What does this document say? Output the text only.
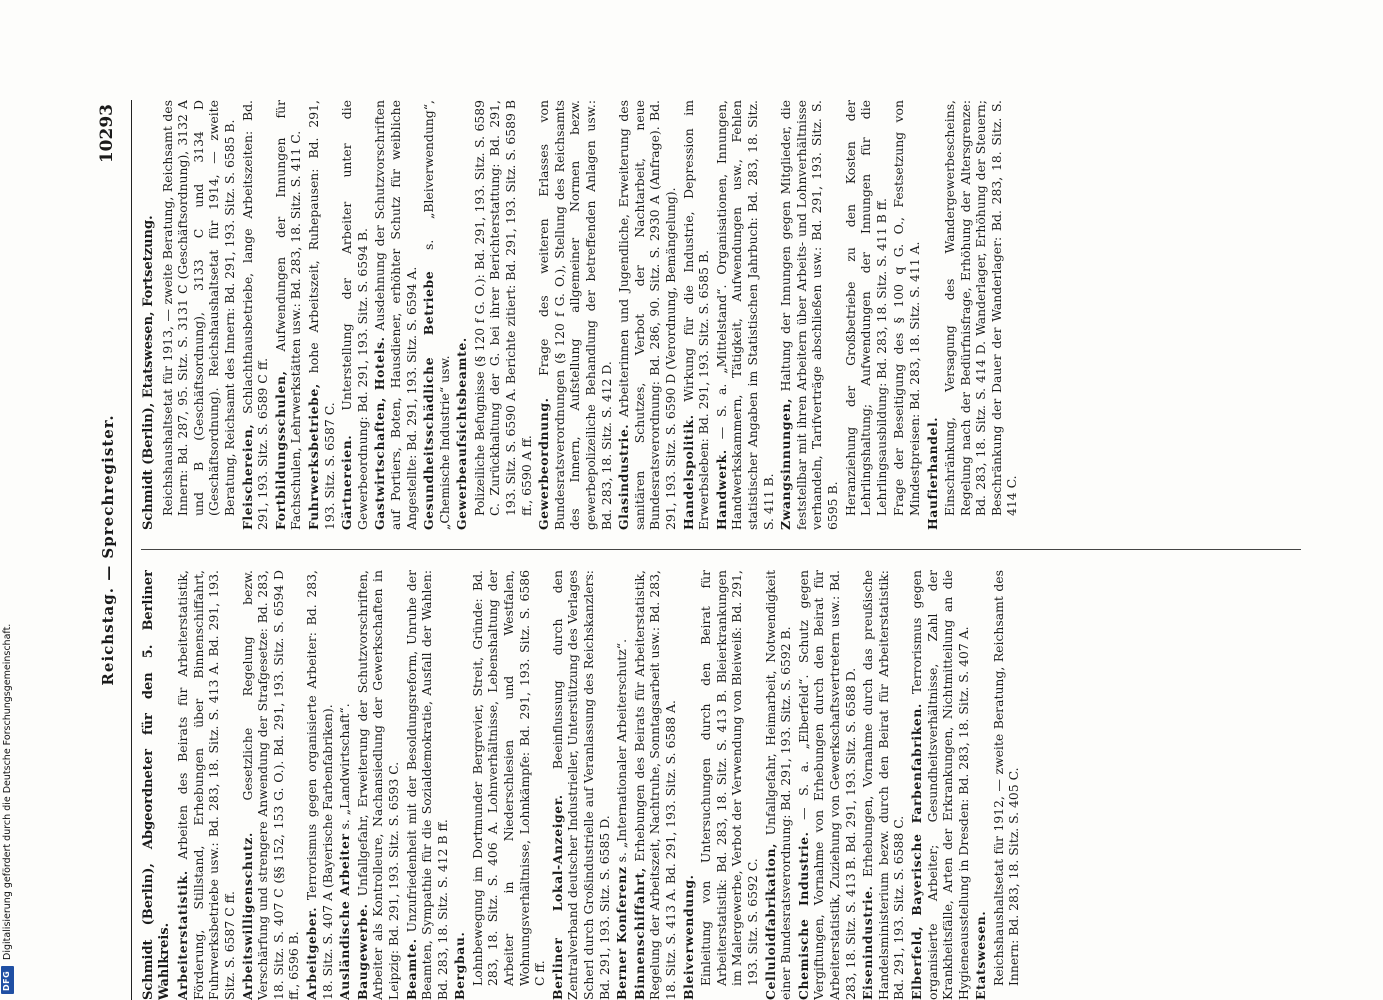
Reichstag. — Sprechregister.
10293
Schmidt (Berlin), Abgeordneter für den 5. Berliner Wahlkreis. Arbeiterstatistik. Arbeiten des Beirats für Arbeiterstatistik, Förderung, Stillstand, Erhebungen über Binnenschiffahrt, Fuhrwerksbetriebe usw.: Bd. 283, 18. Sitz. S. 413 A. Bd. 291, 193. Sitz. S. 6587 C ff. Arbeitswilligenschutz. Gesetzliche Regelung bezw. Verschärfung und strengere Anwendung der Strafgesetze: Bd. 283, 18. Sitz. S. 407 C (§§ 152, 153 G. O.). Bd. 291, 193. Sitz. S. 6594 D ff., 6596 B. Arbeitgeber. Terrorismus gegen organisierte Arbeiter: Bd. 283, 18. Sitz. S. 407 A (Bayerische Farbenfabriken). Ausländische Arbeiter s. „Landwirtschaft“.
Baugewerbe. Unfallgefahr, Erweiterung der Schutzvorschriften, Arbeiter als Kontrolleure, Nachansiedlung der Gewerkschaften in Leipzig: Bd. 291, 193. Sitz. S. 6593 C. Beamte. Unzufriedenheit mit der Besoldungsreform, Unruhe der Beamten, Sympathie für die Sozialdemokratie, Ausfall der Wahlen: Bd. 283, 18. Sitz. S. 412 B ff. Bergbau. Lohnbewegung im Dortmunder Bergrevier, Streit, Gründe: Bd. 283, 18. Sitz. S. 406 A. Lohnverhältnisse, Lebenshaltung der Arbeiter in Niederschlesien und Westfalen, Wohnungsverhältnisse, Lohnkämpfe: Bd. 291, 193. Sitz. S. 6586 C ff. Berliner Lokal-Anzeiger. Beeinflussung durch den Zentralverband deutscher Industrieller, Unterstützung des Verlages Scherl durch Großindustrielle auf Veranlassung des Reichskanzlers: Bd. 291, 193. Sitz. S. 6585 D. Berner Konferenz s. „Internationaler Arbeiterschutz“.
Binnenschiffahrt, Erhebungen des Beirats für Arbeiterstatistik, Regelung der Arbeitszeit, Nachtruhe, Sonntagsarbeit usw.: Bd. 283, 18. Sitz. S. 413 A. Bd. 291, 193. Sitz. S. 6588 A. Bleiverwendung. Einleitung von Untersuchungen durch den Beirat für Arbeiterstatistik: Bd. 283, 18. Sitz. S. 413 B. Bleierkrankungen im Malergewerbe, Verbot der Verwendung von Bleiweiß: Bd. 291, 193. Sitz. S. 6592 C. Celluloidfabrikation, Unfallgefahr, Heimarbeit, Notwendigkeit einer Bundesratsverordnung: Bd. 291, 193. Sitz. S. 6592 B. Chemische Industrie. — S. a. „Elberfeld“. Schutz gegen Vergiftungen, Vornahme von Erhebungen durch den Beirat für Arbeiterstatistik, Zuziehung von Gewerkschaftsvertretern usw.: Bd. 283, 18. Sitz. S. 413 B. Bd. 291, 193. Sitz. S. 6588 D. Eisenindustrie. Erhebungen, Vornahme durch das preußische Handelsministerium bezw. durch den Beirat für Arbeiterstatistik: Bd. 291, 193. Sitz. S. 6588 C. Elberfeld, Bayerische Farbenfabriken. Terrorismus gegen organisierte Arbeiter; Gesundheitsverhältnisse, Zahl der Krankheitsfälle, Arten der Erkrankungen, Nichtmitteilung an die Hygieneausstellung in Dresden: Bd. 283, 18. Sitz. S. 407 A. Etatswesen. Reichshaushaltsetat für 1912, — zweite Beratung, Reichsamt des Innern: Bd. 283, 18. Sitz. S. 405 C.
Schmidt (Berlin), Etatswesen, Fortsetzung. Reichshaushaltsetat für 1913, — zweite Beratung, Reichsamt des Innern: Bd. 287, 95. Sitz. S. 3131 C (Geschäftsordnung), 3132 A und B (Geschäftsordnung), 3133 C und 3134 D (Geschäftsordnung). Reichshaushaltsetat für 1914, — zweite Beratung, Reichsamt des Innern: Bd. 291, 193. Sitz. S. 6585 B. Fleischereien, Schlachthausbetriebe, lange Arbeitszeiten: Bd. 291, 193. Sitz. S. 6589 C ff. Fortbildungsschulen, Aufwendungen der Innungen für Fachschulen, Lehrwerkstätten usw.: Bd. 283, 18. Sitz. S. 411 C. Fuhrwerksbetriebe, hohe Arbeitszeit, Ruhepausen: Bd. 291, 193. Sitz. S. 6587 C. Gärtnereien. Unterstellung der Arbeiter unter die Gewerbeordnung: Bd. 291, 193. Sitz. S. 6594 B. Gastwirtschaften, Hotels. Ausdehnung der Schutzvorschriften auf Portiers, Boten, Hausdiener, erhöhter Schutz für weibliche Angestellte: Bd. 291, 193. Sitz. S. 6594 A. Gesundheitsschädliche Betriebe s. „Bleiverwendung“, „Chemische Industrie“ usw. Gewerbeaufsichtsbeamte. Polizeiliche Befugnisse (§ 120 f G. O.): Bd. 291, 193. Sitz. S. 6589 C. Zurückhaltung der G. bei ihrer Berichterstattung: Bd. 291, 193. Sitz. S. 6590 A. Berichte zitiert: Bd. 291, 193. Sitz. S. 6589 B ff., 6590 A ff. Gewerbeordnung. Frage des weiteren Erlasses von Bundesratsverordnungen (§ 120 f G. O.), Stellung des Reichsamts des Innern, Aufstellung allgemeiner Normen bezw. gewerbepolizeiliche Behandlung der betreffenden Anlagen usw.: Bd. 283, 18. Sitz. S. 412 D. Glasindustrie. Arbeiterinnen und Jugendliche, Erweiterung des sanitären Schutzes, Verbot der Nachtarbeit, neue Bundesratsverordnung: Bd. 286, 90. Sitz. S. 2930 A (Anfrage). Bd. 291, 193. Sitz. S. 6590 D (Verordnung, Bemängelung). Handelspolitik. Wirkung für die Industrie, Depression im Erwerbsleben: Bd. 291, 193. Sitz. S. 6585 B. Handwerk. — S. a. „Mittelstand“. Organisationen, Innungen, Handwerkskammern, Tätigkeit, Aufwendungen usw., Fehlen statistischer Angaben im Statistischen Jahrbuch: Bd. 283, 18. Sitz. S. 411 B. Zwangsinnungen, Haltung der Innungen gegen Mitglieder, die feststellbar mit ihren Arbeitern über Arbeits- und Lohnverhältnisse verhandeln, Tarifverträge abschließen usw.: Bd. 291, 193. Sitz. S. 6595 B. Heranziehung der Großbetriebe zu den Kosten der Lehrlingshaltung; Aufwendungen der Innungen für die Lehrlingsausbildung: Bd. 283, 18. Sitz. S. 411 B ff. Frage der Beseitigung des § 100 q G. O., Festsetzung von Mindestpreisen: Bd. 283, 18. Sitz. S. 411 A. Haufierhandel. Einschränkung, Versagung des Wandergewerbescheins, Regelung nach der Bedürfnisfrage, Erhöhung der Altersgrenze: Bd. 283, 18. Sitz. S. 414 D. Wanderlager, Erhöhung der Steuern; Beschränkung der Dauer der Wanderlager: Bd. 283, 18. Sitz. S. 414 C.
Digitalisierung gefördert durch die Deutsche Forschungsgemeinschaft.
DFG
